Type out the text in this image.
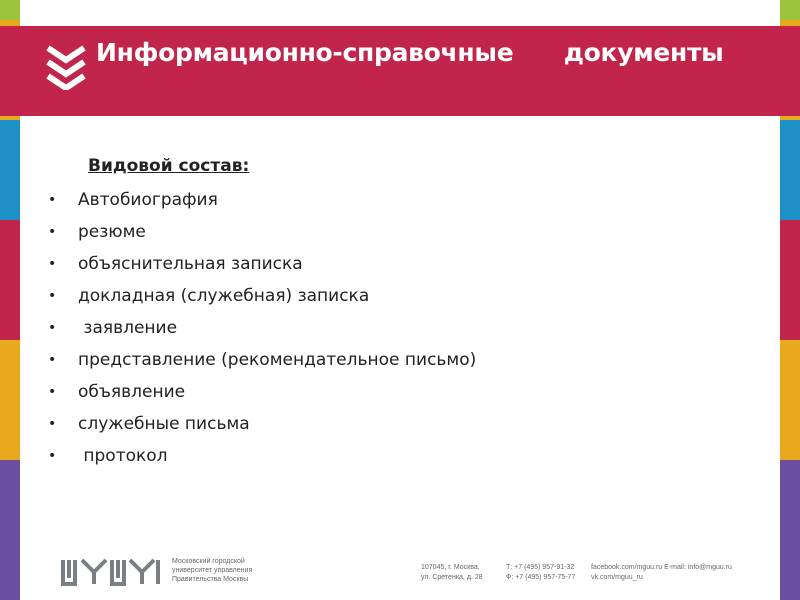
Информационно-справочные      документы
Видовой состав:
• Автобиография
• резюме
• объяснительная записка
• докладная (служебная) записка
• заявление
• представление (рекомендательное письмо)
• объявление
• служебные письма
• протокол
Московский городской
университет управления
Правительства Москвы
107045, г. Москва,
ул. Сретенка, д. 28
Т: +7 (495) 957-91-32
Ф: +7 (495) 957-75-77
facebook.com/mguu.ru E-mail: info@mguu.ru
vk.com/mguu_ru
